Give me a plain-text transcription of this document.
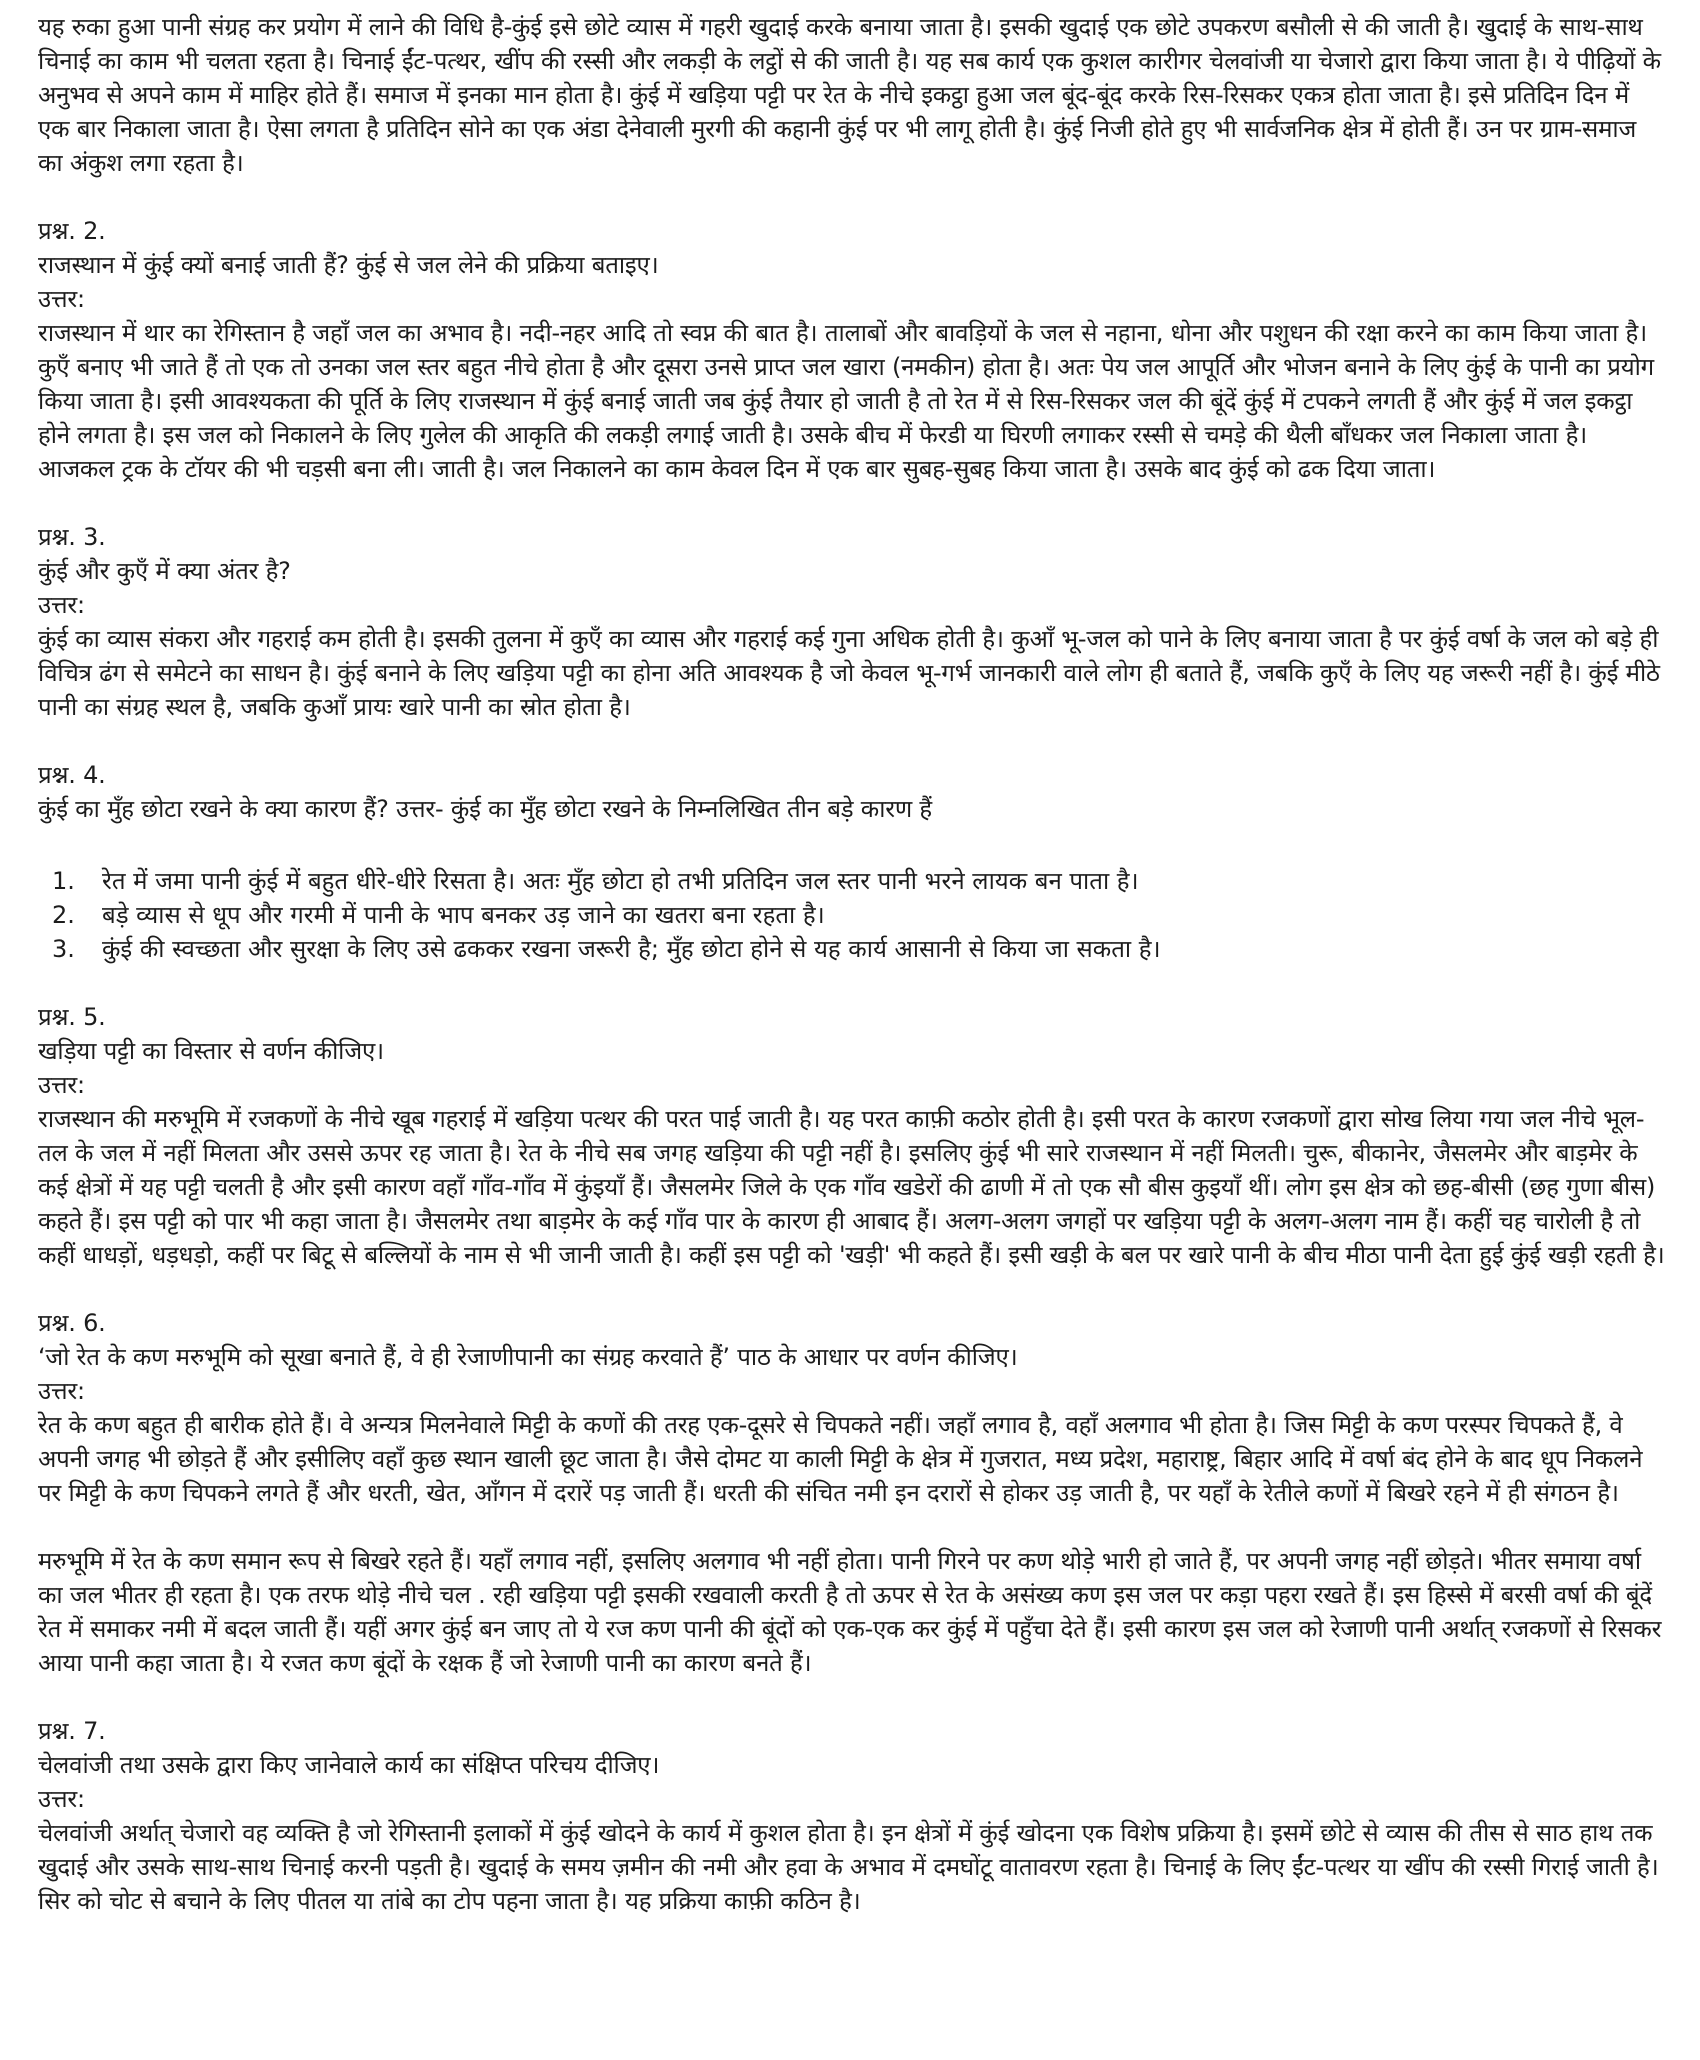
यह रुका हुआ पानी संग्रह कर प्रयोग में लाने की विधि है-कुंई इसे छोटे व्यास में गहरी खुदाई करके बनाया जाता है। इसकी खुदाई एक छोटे उपकरण बसौली से की जाती है। खुदाई के साथ-साथ चिनाई का काम भी चलता रहता है। चिनाई ईंट-पत्थर, खींप की रस्सी और लकड़ी के लट्ठों से की जाती है। यह सब कार्य एक कुशल कारीगर चेलवांजी या चेजारो द्वारा किया जाता है। ये पीढ़ियों के अनुभव से अपने काम में माहिर होते हैं। समाज में इनका मान होता है। कुंई में खड़िया पट्टी पर रेत के नीचे इकट्ठा हुआ जल बूंद-बूंद करके रिस-रिसकर एकत्र होता जाता है। इसे प्रतिदिन दिन में एक बार निकाला जाता है। ऐसा लगता है प्रतिदिन सोने का एक अंडा देनेवाली मुरगी की कहानी कुंई पर भी लागू होती है। कुंई निजी होते हुए भी सार्वजनिक क्षेत्र में होती हैं। उन पर ग्राम-समाज का अंकुश लगा रहता है।

प्रश्न. 2.

राजस्थान में कुंई क्यों बनाई जाती हैं? कुंई से जल लेने की प्रक्रिया बताइए।

उत्तर:

राजस्थान में थार का रेगिस्तान है जहाँ जल का अभाव है। नदी-नहर आदि तो स्वप्न की बात है। तालाबों और बावड़ियों के जल से नहाना, धोना और पशुधन की रक्षा करने का काम किया जाता है। कुएँ बनाए भी जाते हैं तो एक तो उनका जल स्तर बहुत नीचे होता है और दूसरा उनसे प्राप्त जल खारा (नमकीन) होता है। अतः पेय जल आपूर्ति और भोजन बनाने के लिए कुंई के पानी का प्रयोग किया जाता है। इसी आवश्यकता की पूर्ति के लिए राजस्थान में कुंई बनाई जाती जब कुंई तैयार हो जाती है तो रेत में से रिस-रिसकर जल की बूंदें कुंई में टपकने लगती हैं और कुंई में जल इकट्ठा होने लगता है। इस जल को निकालने के लिए गुलेल की आकृति की लकड़ी लगाई जाती है। उसके बीच में फेरडी या घिरणी लगाकर रस्सी से चमड़े की थैली बाँधकर जल निकाला जाता है। आजकल ट्रक के टॉयर की भी चड़सी बना ली। जाती है। जल निकालने का काम केवल दिन में एक बार सुबह-सुबह किया जाता है। उसके बाद कुंई को ढक दिया जाता।

प्रश्न. 3.

कुंई और कुएँ में क्या अंतर है?

उत्तर:

कुंई का व्यास संकरा और गहराई कम होती है। इसकी तुलना में कुएँ का व्यास और गहराई कई गुना अधिक होती है। कुआँ भू-जल को पाने के लिए बनाया जाता है पर कुंई वर्षा के जल को बड़े ही विचित्र ढंग से समेटने का साधन है। कुंई बनाने के लिए खड़िया पट्टी का होना अति आवश्यक है जो केवल भू-गर्भ जानकारी वाले लोग ही बताते हैं, जबकि कुएँ के लिए यह जरूरी नहीं है। कुंई मीठे पानी का संग्रह स्थल है, जबकि कुआँ प्रायः खारे पानी का स्रोत होता है।

प्रश्न. 4.

कुंई का मुँह छोटा रखने के क्या कारण हैं? उत्तर- कुंई का मुँह छोटा रखने के निम्नलिखित तीन बड़े कारण हैं

1.	रेत में जमा पानी कुंई में बहुत धीरे-धीरे रिसता है। अतः मुँह छोटा हो तभी प्रतिदिन जल स्तर पानी भरने लायक बन पाता है।
2.	बड़े व्यास से धूप और गरमी में पानी के भाप बनकर उड़ जाने का खतरा बना रहता है।
3.	कुंई की स्वच्छता और सुरक्षा के लिए उसे ढककर रखना जरूरी है; मुँह छोटा होने से यह कार्य आसानी से किया जा सकता है।

प्रश्न. 5.

खड़िया पट्टी का विस्तार से वर्णन कीजिए।

उत्तर:

राजस्थान की मरुभूमि में रजकणों के नीचे खूब गहराई में खड़िया पत्थर की परत पाई जाती है। यह परत काफ़ी कठोर होती है। इसी परत के कारण रजकणों द्वारा सोख लिया गया जल नीचे भूल-तल के जल में नहीं मिलता और उससे ऊपर रह जाता है। रेत के नीचे सब जगह खड़िया की पट्टी नहीं है। इसलिए कुंई भी सारे राजस्थान में नहीं मिलती। चुरू, बीकानेर, जैसलमेर और बाड़मेर के कई क्षेत्रों में यह पट्टी चलती है और इसी कारण वहाँ गाँव-गाँव में कुंइयाँ हैं। जैसलमेर जिले के एक गाँव खडेरों की ढाणी में तो एक सौ बीस कुइयाँ थीं। लोग इस क्षेत्र को छह-बीसी (छह गुणा बीस) कहते हैं। इस पट्टी को पार भी कहा जाता है। जैसलमेर तथा बाड़मेर के कई गाँव पार के कारण ही आबाद हैं। अलग-अलग जगहों पर खड़िया पट्टी के अलग-अलग नाम हैं। कहीं चह चारोली है तो कहीं धाधड़ों, धड़धड़ो, कहीं पर बिटू से बल्लियों के नाम से भी जानी जाती है। कहीं इस पट्टी को 'खड़ी' भी कहते हैं। इसी खड़ी के बल पर खारे पानी के बीच मीठा पानी देता हुई कुंई खड़ी रहती है।

प्रश्न. 6.

‘जो रेत के कण मरुभूमि को सूखा बनाते हैं, वे ही रेजाणीपानी का संग्रह करवाते हैं’ पाठ के आधार पर वर्णन कीजिए।

उत्तर:

रेत के कण बहुत ही बारीक होते हैं। वे अन्यत्र मिलनेवाले मिट्टी के कणों की तरह एक-दूसरे से चिपकते नहीं। जहाँ लगाव है, वहाँ अलगाव भी होता है। जिस मिट्टी के कण परस्पर चिपकते हैं, वे अपनी जगह भी छोड़ते हैं और इसीलिए वहाँ कुछ स्थान खाली छूट जाता है। जैसे दोमट या काली मिट्टी के क्षेत्र में गुजरात, मध्य प्रदेश, महाराष्ट्र, बिहार आदि में वर्षा बंद होने के बाद धूप निकलने पर मिट्टी के कण चिपकने लगते हैं और धरती, खेत, आँगन में दरारें पड़ जाती हैं। धरती की संचित नमी इन दरारों से होकर उड़ जाती है, पर यहाँ के रेतीले कणों में बिखरे रहने में ही संगठन है।

मरुभूमि में रेत के कण समान रूप से बिखरे रहते हैं। यहाँ लगाव नहीं, इसलिए अलगाव भी नहीं होता। पानी गिरने पर कण थोड़े भारी हो जाते हैं, पर अपनी जगह नहीं छोड़ते। भीतर समाया वर्षा का जल भीतर ही रहता है। एक तरफ थोड़े नीचे चल . रही खड़िया पट्टी इसकी रखवाली करती है तो ऊपर से रेत के असंख्य कण इस जल पर कड़ा पहरा रखते हैं। इस हिस्से में बरसी वर्षा की बूंदें रेत में समाकर नमी में बदल जाती हैं। यहीं अगर कुंई बन जाए तो ये रज कण पानी की बूंदों को एक-एक कर कुंई में पहुँचा देते हैं। इसी कारण इस जल को रेजाणी पानी अर्थात् रजकणों से रिसकर आया पानी कहा जाता है। ये रजत कण बूंदों के रक्षक हैं जो रेजाणी पानी का कारण बनते हैं।

प्रश्न. 7.

चेलवांजी तथा उसके द्वारा किए जानेवाले कार्य का संक्षिप्त परिचय दीजिए।

उत्तर:

चेलवांजी अर्थात् चेजारो वह व्यक्ति है जो रेगिस्तानी इलाकों में कुंई खोदने के कार्य में कुशल होता है। इन क्षेत्रों में कुंई खोदना एक विशेष प्रक्रिया है। इसमें छोटे से व्यास की तीस से साठ हाथ तक खुदाई और उसके साथ-साथ चिनाई करनी पड़ती है। खुदाई के समय ज़मीन की नमी और हवा के अभाव में दमघोंटू वातावरण रहता है। चिनाई के लिए ईंट-पत्थर या खींप की रस्सी गिराई जाती है। सिर को चोट से बचाने के लिए पीतल या तांबे का टोप पहना जाता है। यह प्रक्रिया काफ़ी कठिन है।
